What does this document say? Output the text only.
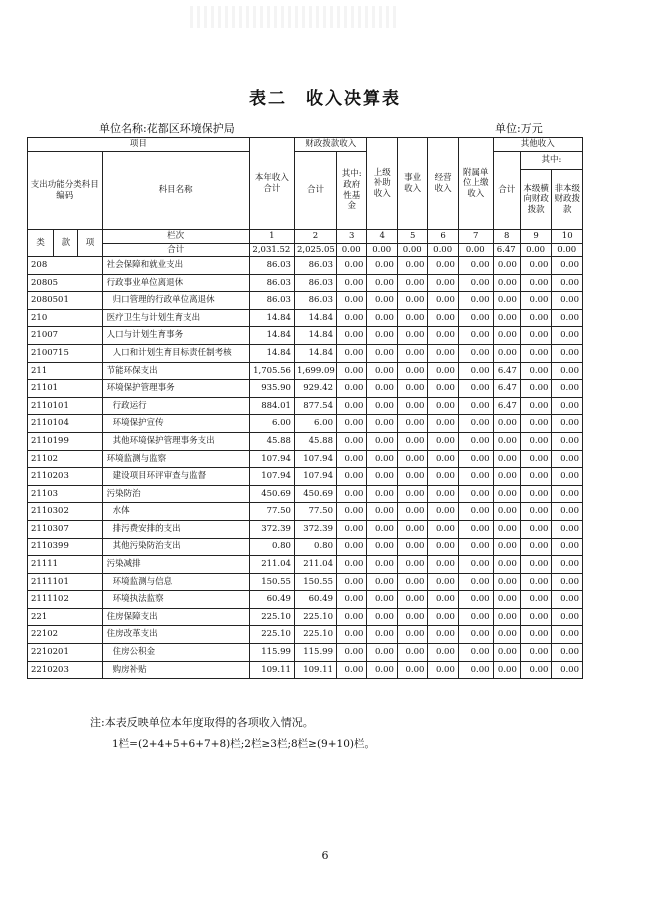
表二　收入决算表
单位名称:花都区环境保护局	单位:万元
项目				本年收入合计	财政拨款收入		上级补助收入	事业收入	经营收入	附属单位上缴收入	其他收入		
支出功能分类科目编码			科目名称		合计	其中:政府性基金					合计	其中:	
												本级横向财政拨款	非本级财政拨款

类	款	项	栏次	1	2	3	4	5	6	7	8	9	10
			合计	2,031.52	2,025.05	0.00	0.00	0.00	0.00	0.00	6.47	0.00	0.00
208			社会保障和就业支出	86.03	86.03	0.00	0.00	0.00	0.00	0.00	0.00	0.00	0.00
20805			行政事业单位离退休	86.03	86.03	0.00	0.00	0.00	0.00	0.00	0.00	0.00	0.00
2080501			归口管理的行政单位离退休	86.03	86.03	0.00	0.00	0.00	0.00	0.00	0.00	0.00	0.00
210			医疗卫生与计划生育支出	14.84	14.84	0.00	0.00	0.00	0.00	0.00	0.00	0.00	0.00
21007			人口与计划生育事务	14.84	14.84	0.00	0.00	0.00	0.00	0.00	0.00	0.00	0.00
2100715			人口和计划生育目标责任制考核	14.84	14.84	0.00	0.00	0.00	0.00	0.00	0.00	0.00	0.00
211			节能环保支出	1,705.56	1,699.09	0.00	0.00	0.00	0.00	0.00	6.47	0.00	0.00
21101			环境保护管理事务	935.90	929.42	0.00	0.00	0.00	0.00	0.00	6.47	0.00	0.00
2110101			行政运行	884.01	877.54	0.00	0.00	0.00	0.00	0.00	6.47	0.00	0.00
2110104			环境保护宣传	6.00	6.00	0.00	0.00	0.00	0.00	0.00	0.00	0.00	0.00
2110199			其他环境保护管理事务支出	45.88	45.88	0.00	0.00	0.00	0.00	0.00	0.00	0.00	0.00
21102			环境监测与监察	107.94	107.94	0.00	0.00	0.00	0.00	0.00	0.00	0.00	0.00
2110203			建设项目环评审查与监督	107.94	107.94	0.00	0.00	0.00	0.00	0.00	0.00	0.00	0.00
21103			污染防治	450.69	450.69	0.00	0.00	0.00	0.00	0.00	0.00	0.00	0.00
2110302			水体	77.50	77.50	0.00	0.00	0.00	0.00	0.00	0.00	0.00	0.00
2110307			排污费安排的支出	372.39	372.39	0.00	0.00	0.00	0.00	0.00	0.00	0.00	0.00
2110399			其他污染防治支出	0.80	0.80	0.00	0.00	0.00	0.00	0.00	0.00	0.00	0.00
21111			污染减排	211.04	211.04	0.00	0.00	0.00	0.00	0.00	0.00	0.00	0.00
2111101			环境监测与信息	150.55	150.55	0.00	0.00	0.00	0.00	0.00	0.00	0.00	0.00
2111102			环境执法监察	60.49	60.49	0.00	0.00	0.00	0.00	0.00	0.00	0.00	0.00
221			住房保障支出	225.10	225.10	0.00	0.00	0.00	0.00	0.00	0.00	0.00	0.00
22102			住房改革支出	225.10	225.10	0.00	0.00	0.00	0.00	0.00	0.00	0.00	0.00
2210201			住房公积金	115.99	115.99	0.00	0.00	0.00	0.00	0.00	0.00	0.00	0.00
2210203			购房补贴	109.11	109.11	0.00	0.00	0.00	0.00	0.00	0.00	0.00	0.00
注:本表反映单位本年度取得的各项收入情况。
1栏=(2+4+5+6+7+8)栏;2栏≥3栏;8栏≥(9+10)栏。
6
